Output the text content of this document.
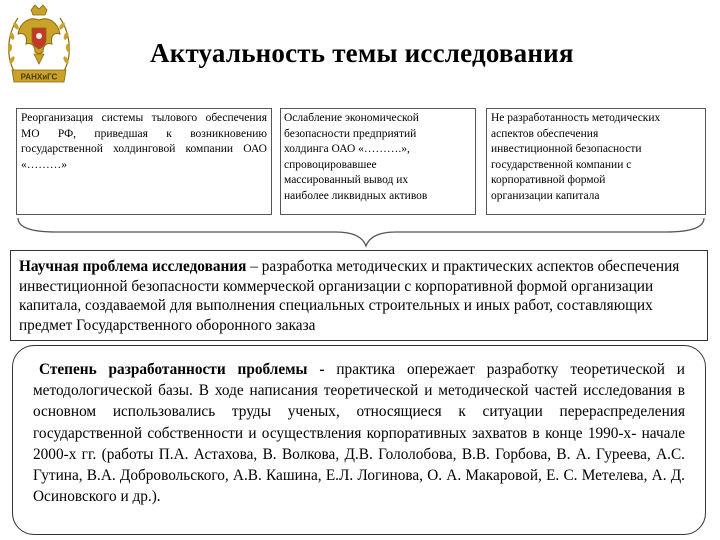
РАНХиГС
Актуальность темы исследования
Реорганизация системы тылового обеспечения МО РФ, приведшая к возникновению государственной холдинговой компании ОАО «………»
Ослабление экономической
безопасности предприятий
холдинга ОАО «……….»,
спровоцировавшее
массированный вывод их
наиболее ликвидных активов
Не разработанность методических
аспектов обеспечения
инвестиционной безопасности
государственной компании с
корпоративной формой
организации капитала
Научная проблема исследования – разработка методических и практических аспектов обеспечения инвестиционной безопасности коммерческой организации с корпоративной формой организации капитала, создаваемой для выполнения специальных строительных и иных работ, составляющих предмет Государственного оборонного заказа
Степень разработанности проблемы - практика опережает разработку теоретической и методологической базы. В ходе написания теоретической и методической частей исследования в основном использовались труды ученых, относящиеся к ситуации перераспределения государственной собственности и осуществления корпоративных захватов в конце 1990-х- начале 2000-х гг. (работы П.А. Астахова, В. Волкова, Д.В. Гололобова, В.В. Горбова, В. А. Гуреева, А.С. Гутина, В.А. Добровольского, А.В. Кашина, Е.Л. Логинова, О. А. Макаровой, Е. С. Метелева, А. Д. Осиновского и др.).
